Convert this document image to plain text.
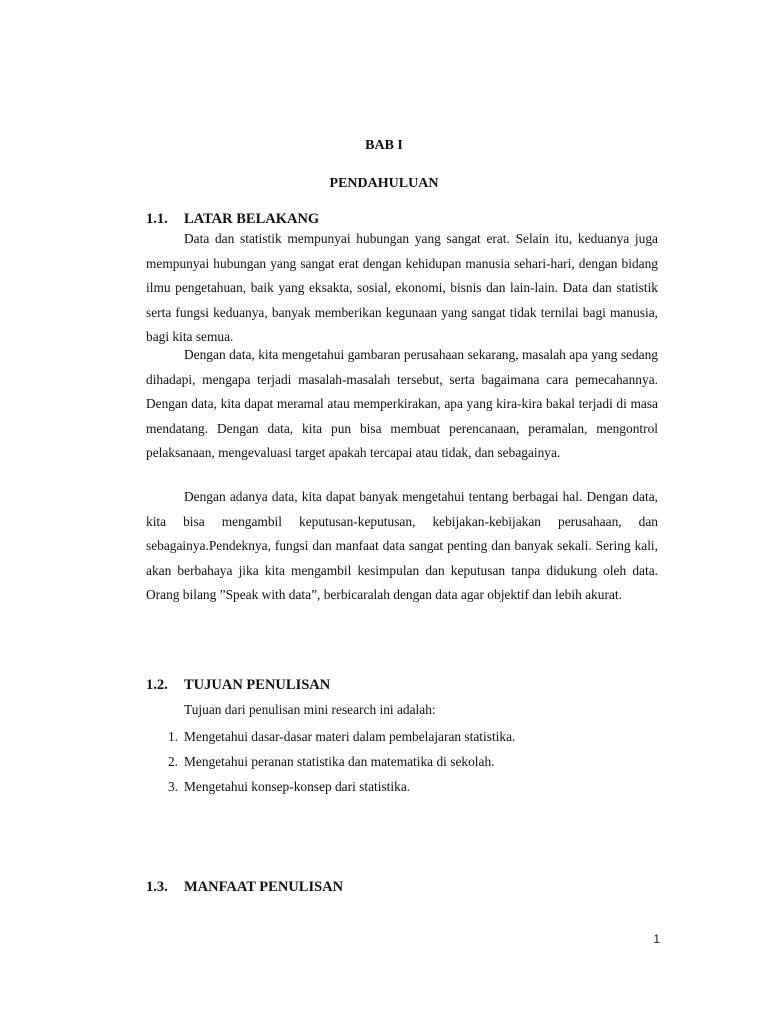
BAB I
PENDAHULUAN
1.1. LATAR BELAKANG

Data dan statistik mempunyai hubungan yang sangat erat. Selain itu, keduanya juga mempunyai hubungan yang sangat erat dengan kehidupan manusia sehari-hari, dengan bidang ilmu pengetahuan, baik yang eksakta, sosial, ekonomi, bisnis dan lain-lain. Data dan statistik serta fungsi keduanya, banyak memberikan kegunaan yang sangat tidak ternilai bagi manusia, bagi kita semua.

Dengan data, kita mengetahui gambaran perusahaan sekarang, masalah apa yang sedang dihadapi, mengapa terjadi masalah-masalah tersebut, serta bagaimana cara pemecahannya. Dengan data, kita dapat meramal atau memperkirakan, apa yang kira-kira bakal terjadi di masa mendatang. Dengan data, kita pun bisa membuat perencanaan, peramalan, mengontrol pelaksanaan, mengevaluasi target apakah tercapai atau tidak, dan sebagainya.

Dengan adanya data, kita dapat banyak mengetahui tentang berbagai hal. Dengan data, kita bisa mengambil keputusan-keputusan, kebijakan-kebijakan perusahaan, dan sebagainya.Pendeknya, fungsi dan manfaat data sangat penting dan banyak sekali. Sering kali, akan berbahaya jika kita mengambil kesimpulan dan keputusan tanpa didukung oleh data. Orang bilang ”Speak with data”, berbicaralah dengan data agar objektif dan lebih akurat.

1.2. TUJUAN PENULISAN
Tujuan dari penulisan mini research ini adalah:
1. Mengetahui dasar-dasar materi dalam pembelajaran statistika.
2. Mengetahui peranan statistika dan matematika di sekolah.
3. Mengetahui konsep-konsep dari statistika.
1.3. MANFAAT PENULISAN
1
